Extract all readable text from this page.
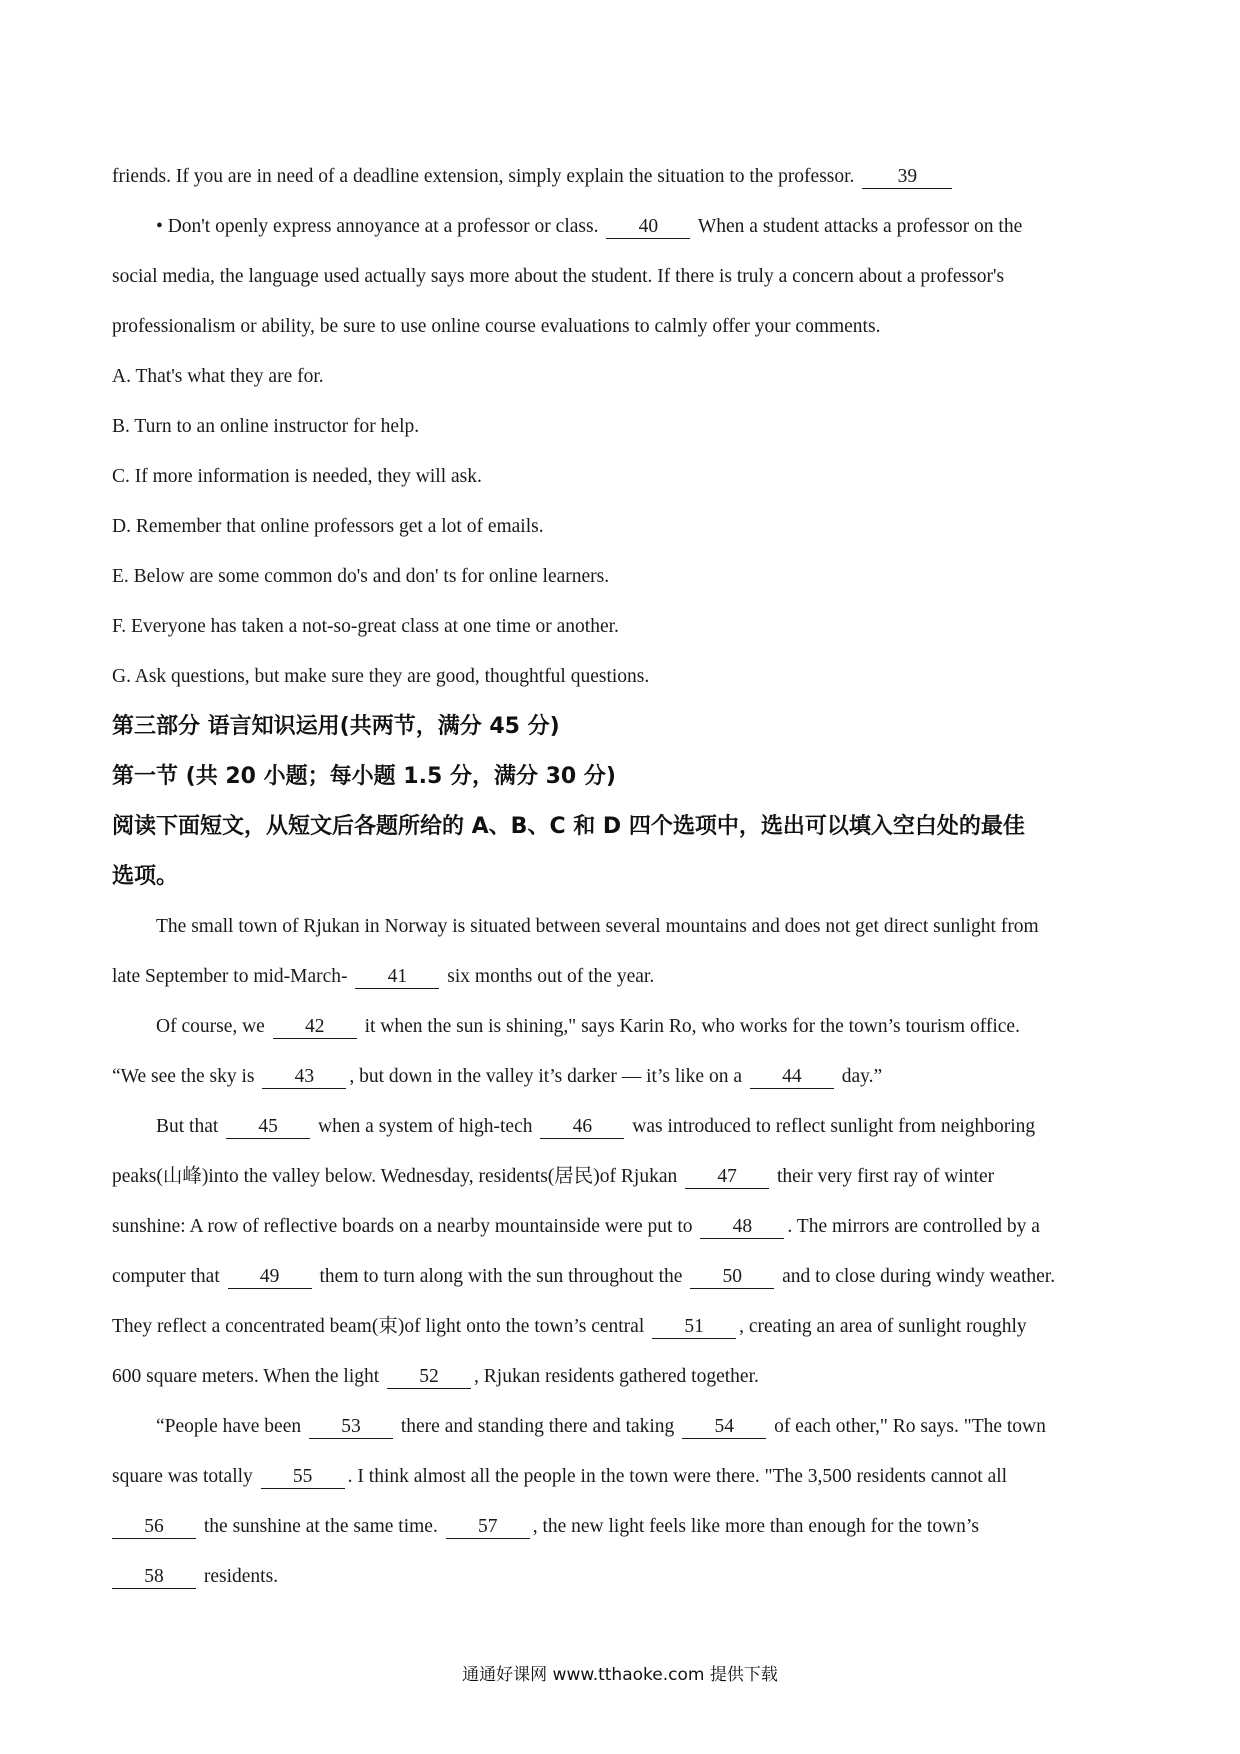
friends. If you are in need of a deadline extension, simply explain the situation to the professor. 39
• Don't openly express annoyance at a professor or class. 40 When a student attacks a professor on the
social media, the language used actually says more about the student. If there is truly a concern about a professor's
professionalism or ability, be sure to use online course evaluations to calmly offer your comments.
A. That's what they are for.
B. Turn to an online instructor for help.
C. If more information is needed, they will ask.
D. Remember that online professors get a lot of emails.
E. Below are some common do's and don' ts for online learners.
F. Everyone has taken a not-so-great class at one time or another.
G. Ask questions, but make sure they are good, thoughtful questions.
第三部分 语言知识运用(共两节，满分 45 分)
第一节 (共 20 小题；每小题 1.5 分，满分 30 分)
阅读下面短文，从短文后各题所给的 A、B、C 和 D 四个选项中，选出可以填入空白处的最佳
选项。
The small town of Rjukan in Norway is situated between several mountains and does not get direct sunlight from
late September to mid-March- 41 six months out of the year.
Of course, we 42 it when the sun is shining," says Karin Ro, who works for the town’s tourism office.
“We see the sky is 43 , but down in the valley it’s darker — it’s like on a 44 day.”
But that 45 when a system of high-tech 46 was introduced to reflect sunlight from neighboring
peaks(山峰)into the valley below. Wednesday, residents(居民)of Rjukan 47 their very first ray of winter
sunshine: A row of reflective boards on a nearby mountainside were put to 48 . The mirrors are controlled by a
computer that 49 them to turn along with the sun throughout the 50 and to close during windy weather.
They reflect a concentrated beam(束)of light onto the town’s central 51 , creating an area of sunlight roughly
600 square meters. When the light 52 , Rjukan residents gathered together.
“People have been 53 there and standing there and taking 54 of each other," Ro says. "The town
square was totally 55 . I think almost all the people in the town were there. "The 3,500 residents cannot all
56 the sunshine at the same time. 57 , the new light feels like more than enough for the town’s
58 residents.
通通好课网 www.tthaoke.com 提供下载
